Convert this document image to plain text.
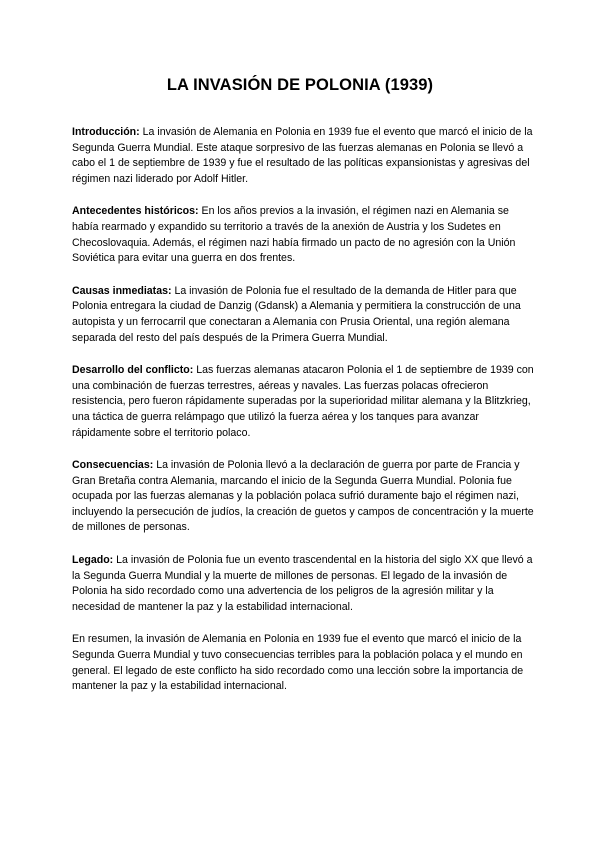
LA INVASIÓN DE POLONIA (1939)

Introducción: La invasión de Alemania en Polonia en 1939 fue el evento que marcó el inicio de la Segunda Guerra Mundial. Este ataque sorpresivo de las fuerzas alemanas en Polonia se llevó a cabo el 1 de septiembre de 1939 y fue el resultado de las políticas expansionistas y agresivas del régimen nazi liderado por Adolf Hitler.

Antecedentes históricos: En los años previos a la invasión, el régimen nazi en Alemania se había rearmado y expandido su territorio a través de la anexión de Austria y los Sudetes en Checoslovaquia. Además, el régimen nazi había firmado un pacto de no agresión con la Unión Soviética para evitar una guerra en dos frentes.

Causas inmediatas: La invasión de Polonia fue el resultado de la demanda de Hitler para que Polonia entregara la ciudad de Danzig (Gdansk) a Alemania y permitiera la construcción de una autopista y un ferrocarril que conectaran a Alemania con Prusia Oriental, una región alemana separada del resto del país después de la Primera Guerra Mundial.

Desarrollo del conflicto: Las fuerzas alemanas atacaron Polonia el 1 de septiembre de 1939 con una combinación de fuerzas terrestres, aéreas y navales. Las fuerzas polacas ofrecieron resistencia, pero fueron rápidamente superadas por la superioridad militar alemana y la Blitzkrieg, una táctica de guerra relámpago que utilizó la fuerza aérea y los tanques para avanzar rápidamente sobre el territorio polaco.

Consecuencias: La invasión de Polonia llevó a la declaración de guerra por parte de Francia y Gran Bretaña contra Alemania, marcando el inicio de la Segunda Guerra Mundial. Polonia fue ocupada por las fuerzas alemanas y la población polaca sufrió duramente bajo el régimen nazi, incluyendo la persecución de judíos, la creación de guetos y campos de concentración y la muerte de millones de personas.

Legado: La invasión de Polonia fue un evento trascendental en la historia del siglo XX que llevó a la Segunda Guerra Mundial y la muerte de millones de personas. El legado de la invasión de Polonia ha sido recordado como una advertencia de los peligros de la agresión militar y la necesidad de mantener la paz y la estabilidad internacional.

En resumen, la invasión de Alemania en Polonia en 1939 fue el evento que marcó el inicio de la Segunda Guerra Mundial y tuvo consecuencias terribles para la población polaca y el mundo en general. El legado de este conflicto ha sido recordado como una lección sobre la importancia de mantener la paz y la estabilidad internacional.
